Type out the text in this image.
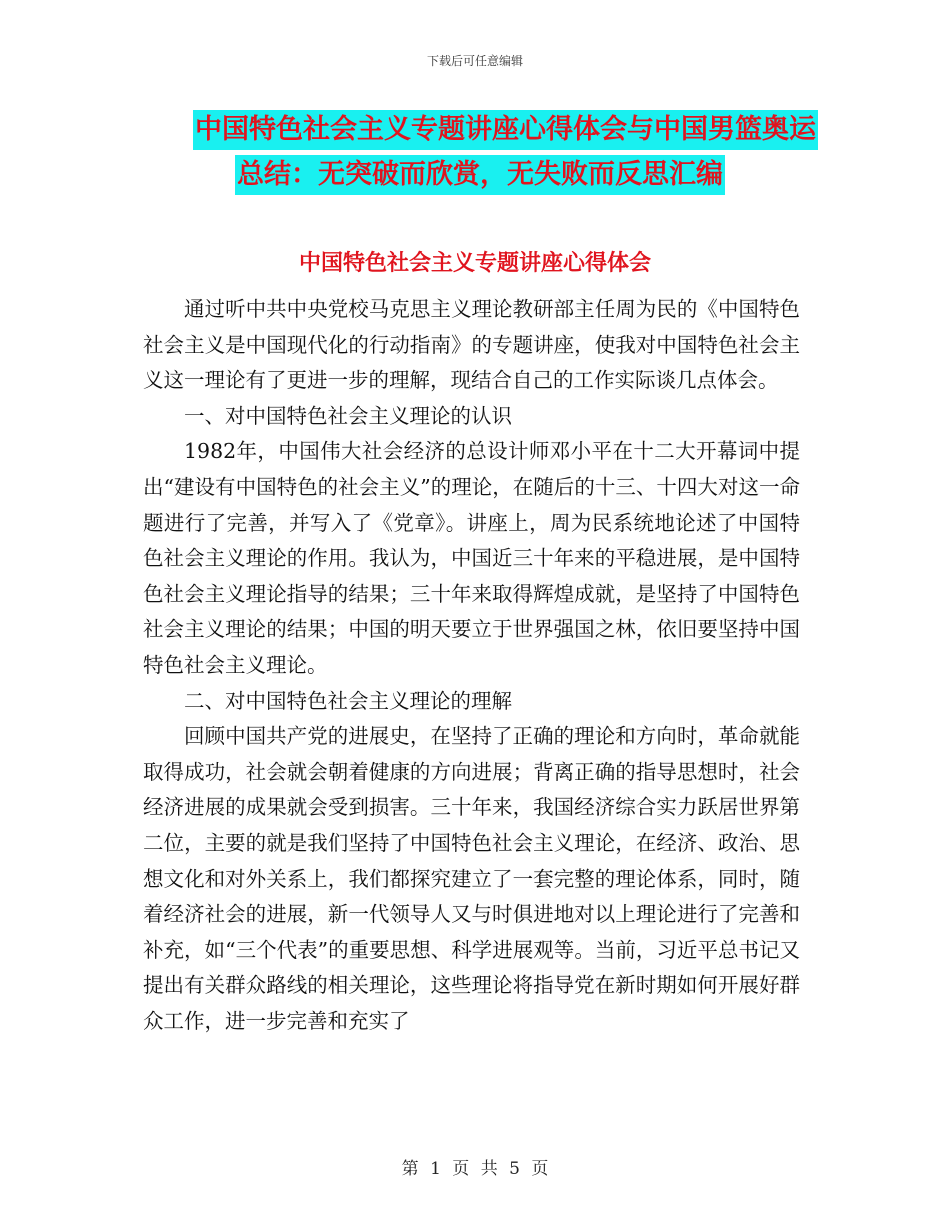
下载后可任意编辑
中国特色社会主义专题讲座心得体会与中国男篮奥运
总结：无突破而欣赏，无失败而反思汇编
中国特色社会主义专题讲座心得体会

通过听中共中央党校马克思主义理论教研部主任周为民的《中国特色社会主义是中国现代化的行动指南》的专题讲座，使我对中国特色社会主义这一理论有了更进一步的理解，现结合自己的工作实际谈几点体会。

一、对中国特色社会主义理论的认识

1982年，中国伟大社会经济的总设计师邓小平在十二大开幕词中提出“建设有中国特色的社会主义”的理论，在随后的十三、十四大对这一命题进行了完善，并写入了《党章》。讲座上，周为民系统地论述了中国特色社会主义理论的作用。我认为，中国近三十年来的平稳进展，是中国特色社会主义理论指导的结果；三十年来取得辉煌成就，是坚持了中国特色社会主义理论的结果；中国的明天要立于世界强国之林，依旧要坚持中国特色社会主义理论。

二、对中国特色社会主义理论的理解

回顾中国共产党的进展史，在坚持了正确的理论和方向时，革命就能取得成功，社会就会朝着健康的方向进展；背离正确的指导思想时，社会经济进展的成果就会受到损害。三十年来，我国经济综合实力跃居世界第二位，主要的就是我们坚持了中国特色社会主义理论，在经济、政治、思想文化和对外关系上，我们都探究建立了一套完整的理论体系，同时，随着经济社会的进展，新一代领导人又与时俱进地对以上理论进行了完善和补充，如“三个代表”的重要思想、科学进展观等。当前，习近平总书记又提出有关群众路线的相关理论，这些理论将指导党在新时期如何开展好群众工作，进一步完善和充实了

第 1 页 共 5 页
